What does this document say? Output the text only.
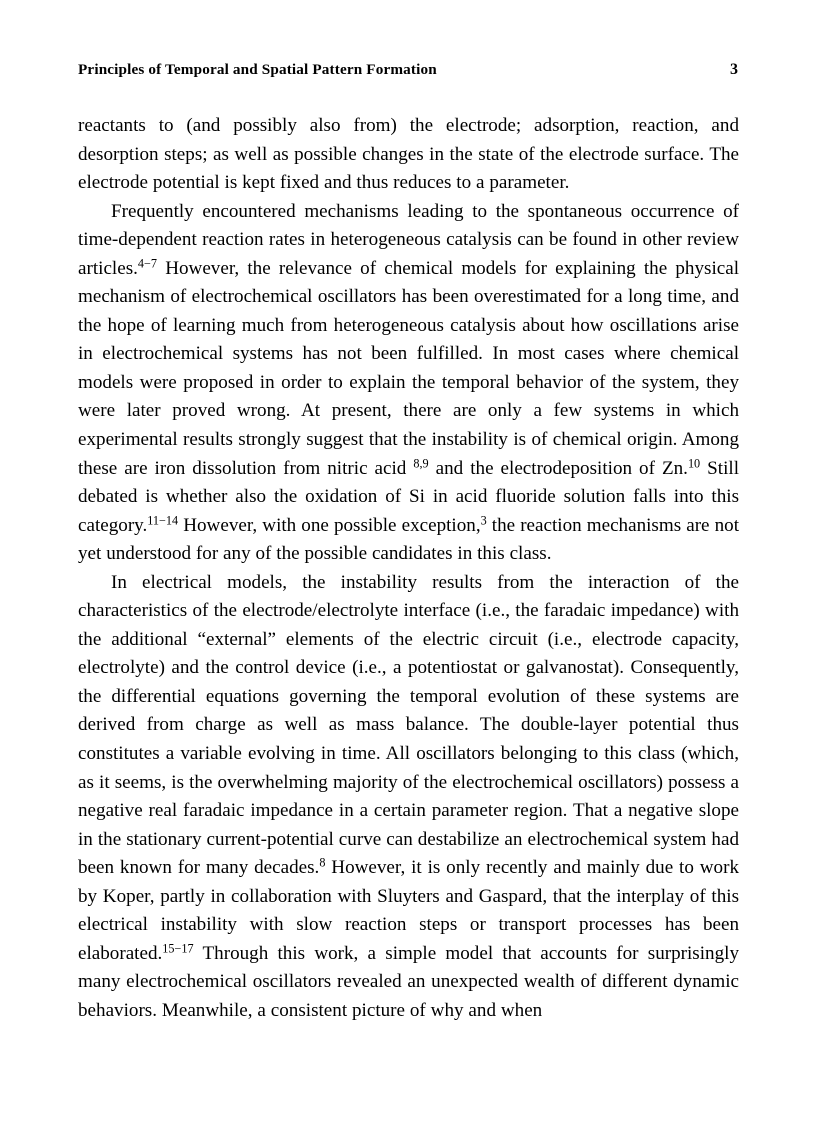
Principles of Temporal and Spatial Pattern Formation	3

reactants to (and possibly also from) the electrode; adsorption, reaction, and desorption steps; as well as possible changes in the state of the electrode surface. The electrode potential is kept fixed and thus reduces to a parameter.

Frequently encountered mechanisms leading to the spontaneous occurrence of time-dependent reaction rates in heterogeneous catalysis can be found in other review articles.$^{4-7}$ However, the relevance of chemical models for explaining the physical mechanism of electrochemical oscillators has been overestimated for a long time, and the hope of learning much from heterogeneous catalysis about how oscillations arise in electrochemical systems has not been fulfilled. In most cases where chemical models were proposed in order to explain the temporal behavior of the system, they were later proved wrong. At present, there are only a few systems in which experimental results strongly suggest that the instability is of chemical origin. Among these are iron dissolution from nitric acid $^{8,9}$ and the electrodeposition of Zn.$^{10}$ Still debated is whether also the oxidation of Si in acid fluoride solution falls into this category.$^{11-14}$ However, with one possible exception,$^3$ the reaction mechanisms are not yet understood for any of the possible candidates in this class.

In electrical models, the instability results from the interaction of the characteristics of the electrode/electrolyte interface (i.e., the faradaic impedance) with the additional “external” elements of the electric circuit (i.e., electrode capacity, electrolyte) and the control device (i.e., a potentiostat or galvanostat). Consequently, the differential equations governing the temporal evolution of these systems are derived from charge as well as mass balance. The double-layer potential thus constitutes a variable evolving in time. All oscillators belonging to this class (which, as it seems, is the overwhelming majority of the electrochemical oscillators) possess a negative real faradaic impedance in a certain parameter region. That a negative slope in the stationary current-potential curve can destabilize an electrochemical system had been known for many decades.$^8$ However, it is only recently and mainly due to work by Koper, partly in collaboration with Sluyters and Gaspard, that the interplay of this electrical instability with slow reaction steps or transport processes has been elaborated.$^{15-17}$ Through this work, a simple model that accounts for surprisingly many electrochemical oscillators revealed an unexpected wealth of different dynamic behaviors. Meanwhile, a consistent picture of why and when
